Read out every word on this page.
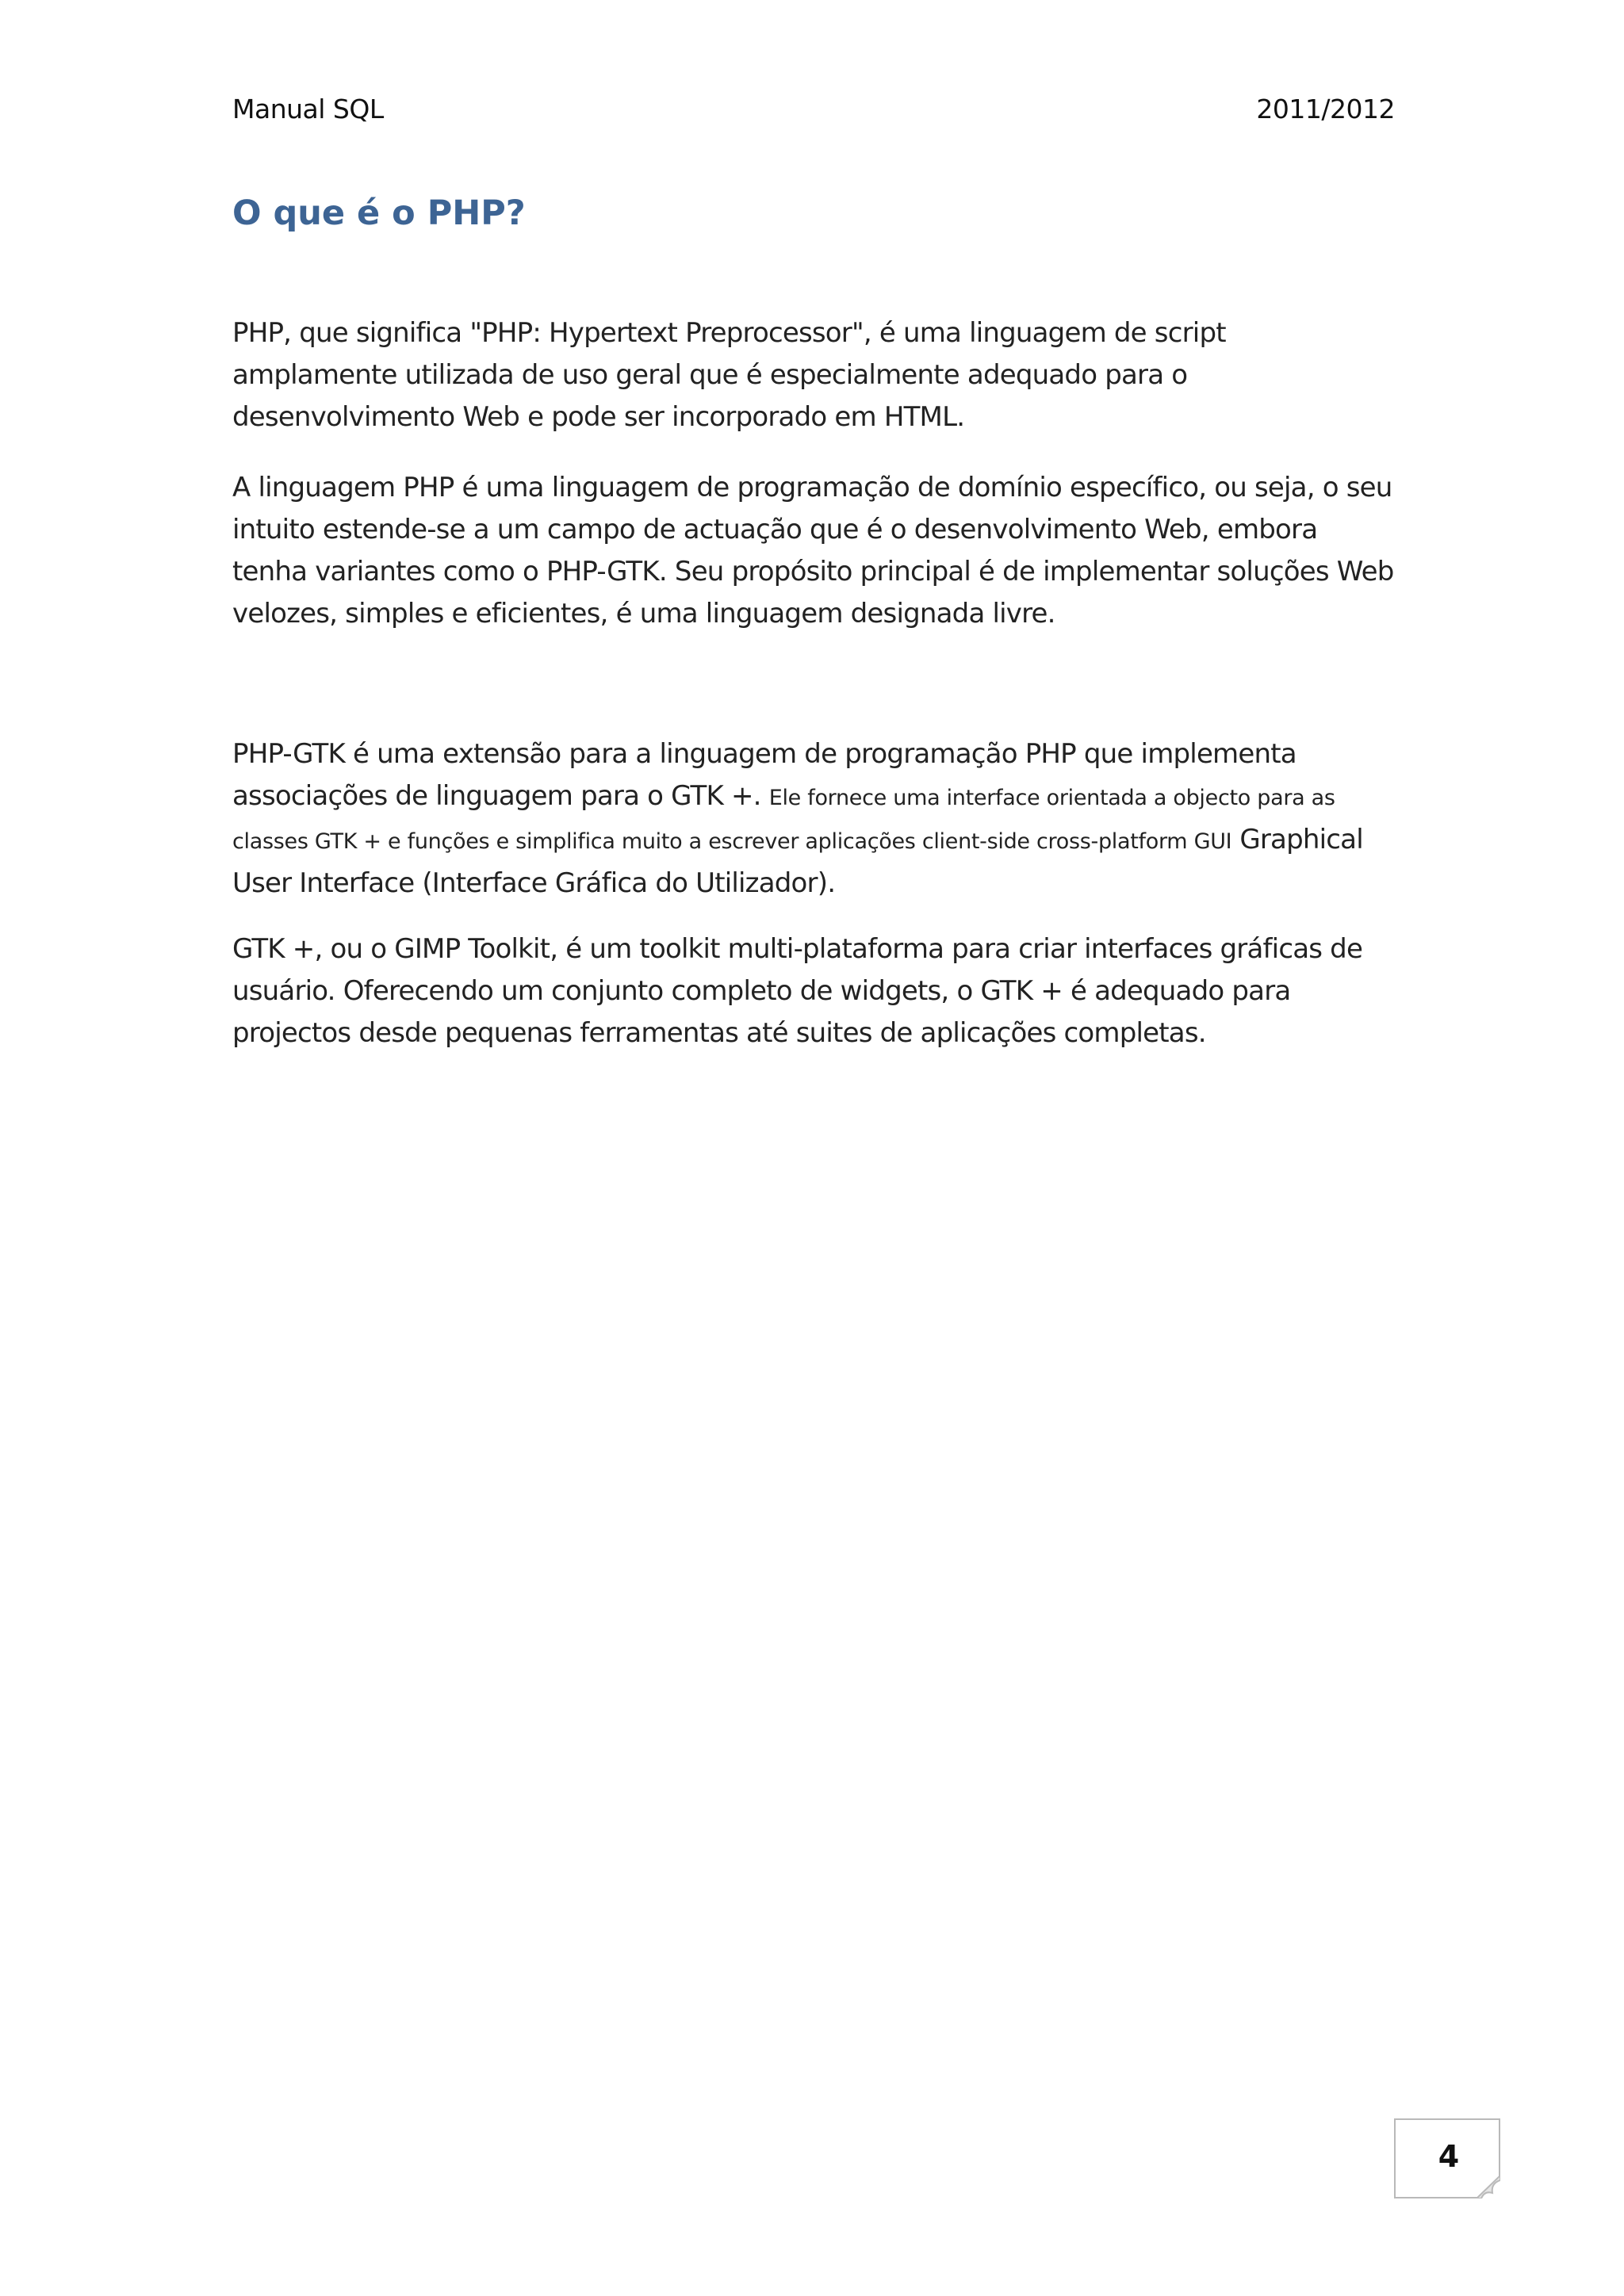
Manual SQL	2011/2012
O que é o PHP?

PHP, que significa "PHP: Hypertext Preprocessor", é uma linguagem de script amplamente utilizada de uso geral que é especialmente adequado para o desenvolvimento Web e pode ser incorporado em HTML.

A linguagem PHP é uma linguagem de programação de domínio específico, ou seja, o seu intuito estende-se a um campo de actuação que é o desenvolvimento Web, embora tenha variantes como o PHP-GTK. Seu propósito principal é de implementar soluções Web velozes, simples e eficientes, é uma linguagem designada livre.

PHP-GTK é uma extensão para a linguagem de programação PHP que implementa associações de linguagem para o GTK +. Ele fornece uma interface orientada a objecto para as classes GTK + e funções e simplifica muito a escrever aplicações client-side cross-platform GUI Graphical User Interface (Interface Gráfica do Utilizador).

GTK +, ou o GIMP Toolkit, é um toolkit multi-plataforma para criar interfaces gráficas de usuário. Oferecendo um conjunto completo de widgets, o GTK + é adequado para projectos desde pequenas ferramentas até suites de aplicações completas.

4
